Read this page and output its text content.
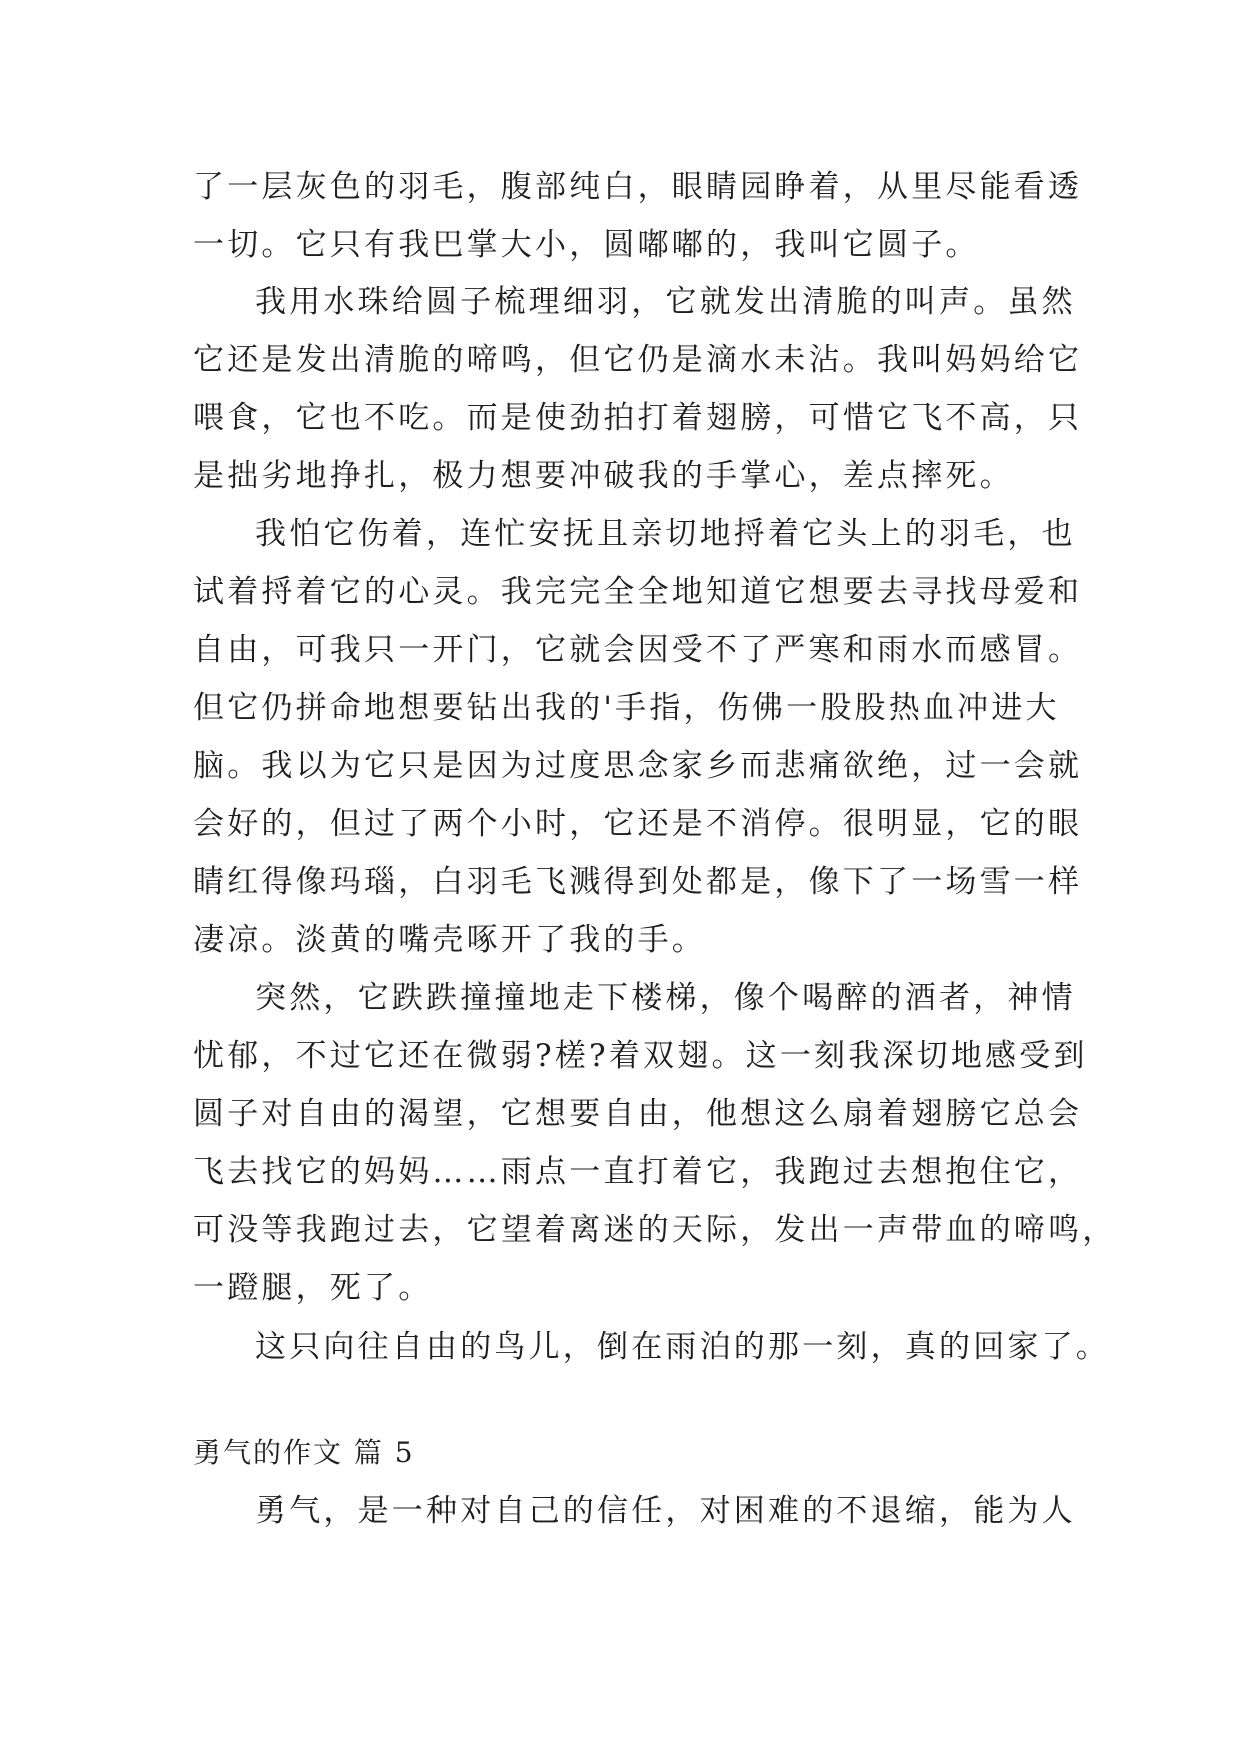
了一层灰色的羽毛，腹部纯白，眼睛园睁着，从里尽能看透
一切。它只有我巴掌大小，圆嘟嘟的，我叫它圆子。
我用水珠给圆子梳理细羽，它就发出清脆的叫声。虽然
它还是发出清脆的啼鸣，但它仍是滴水未沾。我叫妈妈给它
喂食，它也不吃。而是使劲拍打着翅膀，可惜它飞不高，只
是拙劣地挣扎，极力想要冲破我的手掌心，差点摔死。
我怕它伤着，连忙安抚且亲切地捋着它头上的羽毛，也
试着捋着它的心灵。我完完全全地知道它想要去寻找母爱和
自由，可我只一开门，它就会因受不了严寒和雨水而感冒。
但它仍拼命地想要钻出我的'手指，伤佛一股股热血冲进大
脑。我以为它只是因为过度思念家乡而悲痛欲绝，过一会就
会好的，但过了两个小时，它还是不消停。很明显，它的眼
睛红得像玛瑙，白羽毛飞溅得到处都是，像下了一场雪一样
凄凉。淡黄的嘴壳啄开了我的手。
突然，它跌跌撞撞地走下楼梯，像个喝醉的酒者，神情
忧郁，不过它还在微弱?槎?着双翅。这一刻我深切地感受到
圆子对自由的渴望，它想要自由，他想这么扇着翅膀它总会
飞去找它的妈妈……雨点一直打着它，我跑过去想抱住它，
可没等我跑过去，它望着离迷的天际，发出一声带血的啼鸣，
一蹬腿，死了。
这只向往自由的鸟儿，倒在雨泊的那一刻，真的回家了。
勇气的作文 篇 5
勇气，是一种对自己的信任，对困难的不退缩，能为人
